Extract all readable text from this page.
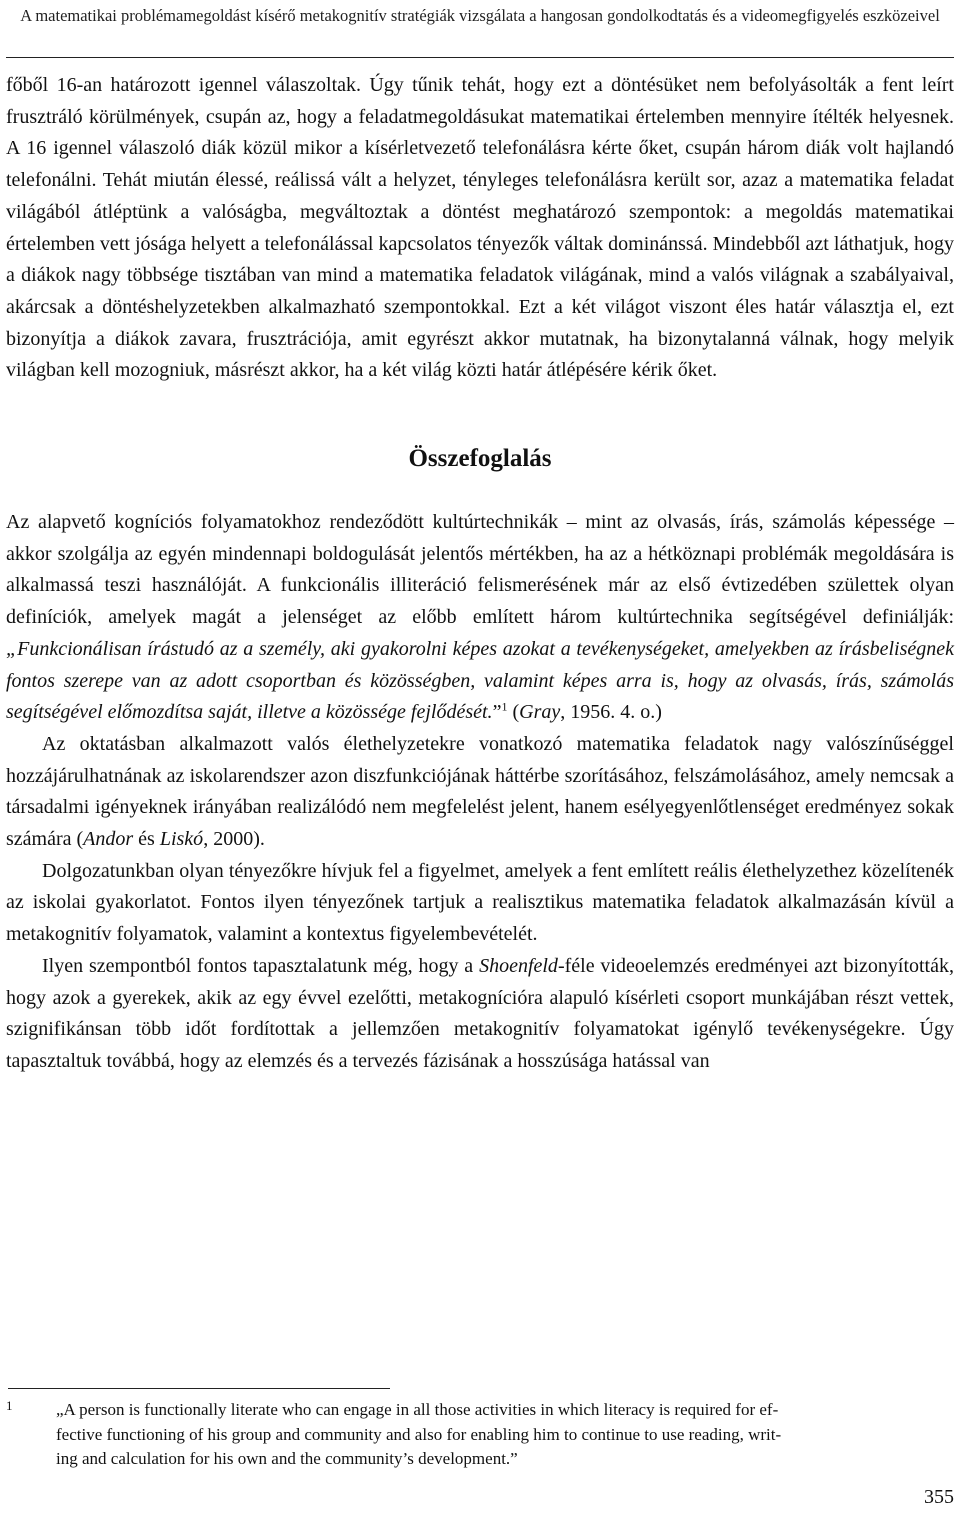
A matematikai problémamegoldást kísérő metakognitív stratégiák vizsgálata a hangosan gondolkodtatás és a videomegfigyelés eszközeivel

főből 16-an határozott igennel válaszoltak. Úgy tűnik tehát, hogy ezt a döntésüket nem befolyásolták a fent leírt frusztráló körülmények, csupán az, hogy a feladatmegoldásukat matematikai értelemben mennyire ítélték helyesnek. A 16 igennel válaszoló diák közül mikor a kísérletvezető telefonálásra kérte őket, csupán három diák volt hajlandó telefonálni. Tehát miután élessé, reálissá vált a helyzet, tényleges telefonálásra került sor, azaz a matematika feladat világából átléptünk a valóságba, megváltoztak a döntést meghatározó szempontok: a megoldás matematikai értelemben vett jósága helyett a telefonálással kapcsolatos tényezők váltak dominánssá. Mindebből azt láthatjuk, hogy a diákok nagy többsége tisztában van mind a matematika feladatok világának, mind a valós világnak a szabályaival, akárcsak a döntéshelyzetekben alkalmazható szempontokkal. Ezt a két világot viszont éles határ választja el, ezt bizonyítja a diákok zavara, frusztrációja, amit egyrészt akkor mutatnak, ha bizonytalanná válnak, hogy melyik világban kell mozogniuk, másrészt akkor, ha a két világ közti határ átlépésére kérik őket.

Összefoglalás

Az alapvető kogníciós folyamatokhoz rendeződött kultúrtechnikák – mint az olvasás, írás, számolás képessége – akkor szolgálja az egyén mindennapi boldogulását jelentős mértékben, ha az a hétköznapi problémák megoldására is alkalmassá teszi használóját. A funkcionális illiteráció felismerésének már az első évtizedében születtek olyan definíciók, amelyek magát a jelenséget az előbb említett három kultúrtechnika segítségével definiálják: „Funkcionálisan írástudó az a személy, aki gyakorolni képes azokat a tevékenységeket, amelyekben az írásbeliségnek fontos szerepe van az adott csoportban és közösségben, valamint képes arra is, hogy az olvasás, írás, számolás segítségével előmozdítsa saját, illetve a közössége fejlődését.”$^1$ (Gray, 1956. 4. o.)

Az oktatásban alkalmazott valós élethelyzetekre vonatkozó matematika feladatok nagy valószínűséggel hozzájárulhatnának az iskolarendszer azon diszfunkciójának háttérbe szorításához, felszámolásához, amely nemcsak a társadalmi igényeknek irányában realizálódó nem megfelelést jelent, hanem esélyegyenlőtlenséget eredményez sokak számára (Andor és Liskó, 2000).

Dolgozatunkban olyan tényezőkre hívjuk fel a figyelmet, amelyek a fent említett reális élethelyzethez közelítenék az iskolai gyakorlatot. Fontos ilyen tényezőnek tartjuk a realisztikus matematika feladatok alkalmazásán kívül a metakognitív folyamatok, valamint a kontextus figyelembevételét.

Ilyen szempontból fontos tapasztalatunk még, hogy a Shoenfeld-féle videoelemzés eredményei azt bizonyították, hogy azok a gyerekek, akik az egy évvel ezelőtti, metakognícióra alapuló kísérleti csoport munkájában részt vettek, szignifikánsan több időt fordítottak a jellemzően metakognitív folyamatokat igénylő tevékenységekre. Úgy tapasztaltuk továbbá, hogy az elemzés és a tervezés fázisának a hosszúsága hatással van

1	„A person is functionally literate who can engage in all those activities in which literacy is required for ef-
fective functioning of his group and community and also for enabling him to continue to use reading, writ-
ing and calculation for his own and the community’s development.”
355
